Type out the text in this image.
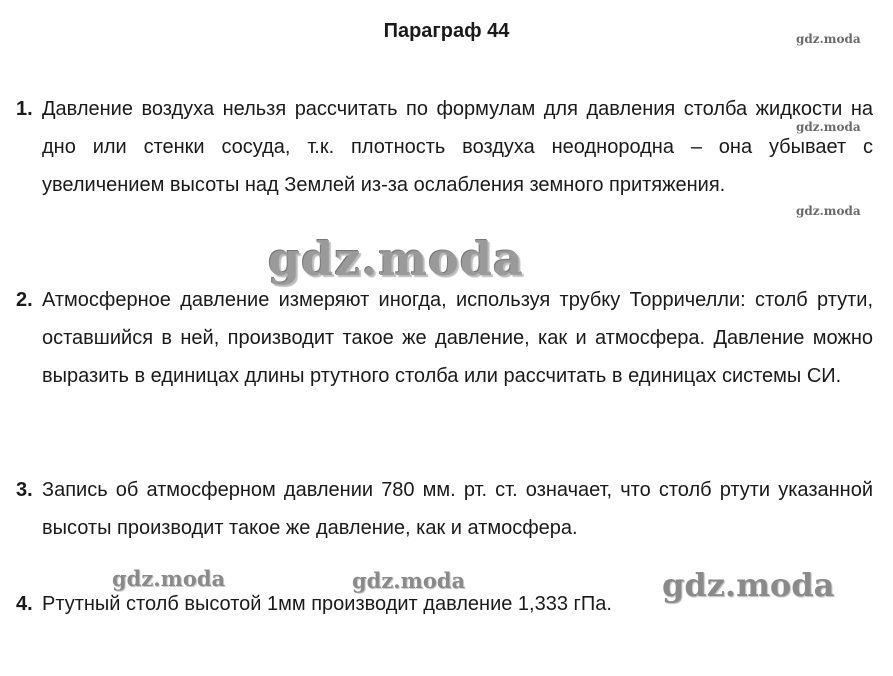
Параграф 44
1. Давление воздуха нельзя рассчитать по формулам для давления столба жидкости на дно или стенки сосуда, т.к. плотность воздуха неоднородна – она убывает с увеличением высоты над Землей из-за ослабления земного притяжения.
2. Атмосферное давление измеряют иногда, используя трубку Торричелли: столб ртути, оставшийся в ней, производит такое же давление, как и атмосфера. Давление можно выразить в единицах длины ртутного столба или рассчитать в единицах системы СИ.
3. Запись об атмосферном давлении 780 мм. рт. ст. означает, что столб ртути указанной высоты производит такое же давление, как и атмосфера.
4. Ртутный столб высотой 1мм производит давление 1,333 гПа.
gdz.moda
gdz.moda
gdz.moda
gdz.moda
gdz.moda	gdz.moda	gdz.moda
